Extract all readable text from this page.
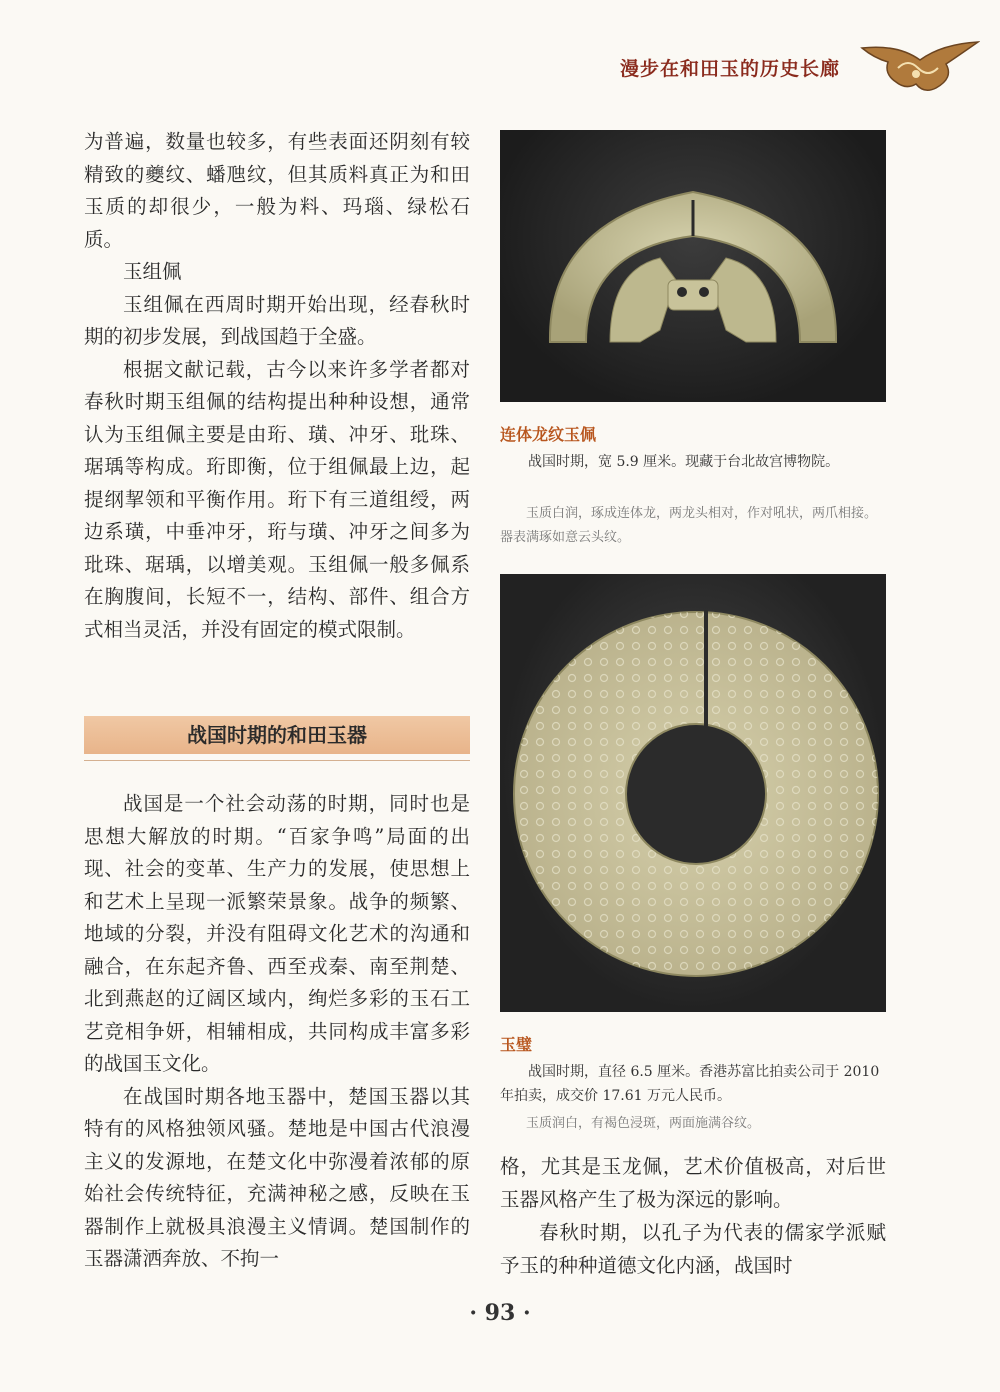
漫步在和田玉的历史长廊

为普遍，数量也较多，有些表面还阴刻有较精致的夔纹、蟠虺纹，但其质料真正为和田玉质的却很少，一般为料、玛瑙、绿松石质。

玉组佩

玉组佩在西周时期开始出现，经春秋时期的初步发展，到战国趋于全盛。

根据文献记载，古今以来许多学者都对春秋时期玉组佩的结构提出种种设想，通常认为玉组佩主要是由珩、璜、冲牙、玭珠、琚瑀等构成。珩即衡，位于组佩最上边，起提纲挈领和平衡作用。珩下有三道组绶，两边系璜，中垂冲牙，珩与璜、冲牙之间多为玭珠、琚瑀，以增美观。玉组佩一般多佩系在胸腹间，长短不一，结构、部件、组合方式相当灵活，并没有固定的模式限制。

战国时期的和田玉器

战国是一个社会动荡的时期，同时也是思想大解放的时期。“百家争鸣”局面的出现、社会的变革、生产力的发展，使思想上和艺术上呈现一派繁荣景象。战争的频繁、地域的分裂，并没有阻碍文化艺术的沟通和融合，在东起齐鲁、西至戎秦、南至荆楚、北到燕赵的辽阔区域内，绚烂多彩的玉石工艺竞相争妍，相辅相成，共同构成丰富多彩的战国玉文化。

在战国时期各地玉器中，楚国玉器以其特有的风格独领风骚。楚地是中国古代浪漫主义的发源地，在楚文化中弥漫着浓郁的原始社会传统特征，充满神秘之感，反映在玉器制作上就极具浪漫主义情调。楚国制作的玉器潇洒奔放、不拘一

连体龙纹玉佩
战国时期，宽 5.9 厘米。现藏于台北故宫博物院。
玉质白润，琢成连体龙，两龙头相对，作对吼状，两爪相接。器表满琢如意云头纹。
玉璧
战国时期，直径 6.5 厘米。香港苏富比拍卖公司于 2010 年拍卖，成交价 17.61 万元人民币。
玉质润白，有褐色浸斑，两面施满谷纹。

格，尤其是玉龙佩，艺术价值极高，对后世玉器风格产生了极为深远的影响。

春秋时期，以孔子为代表的儒家学派赋予玉的种种道德文化内涵，战国时

· 93 ·
